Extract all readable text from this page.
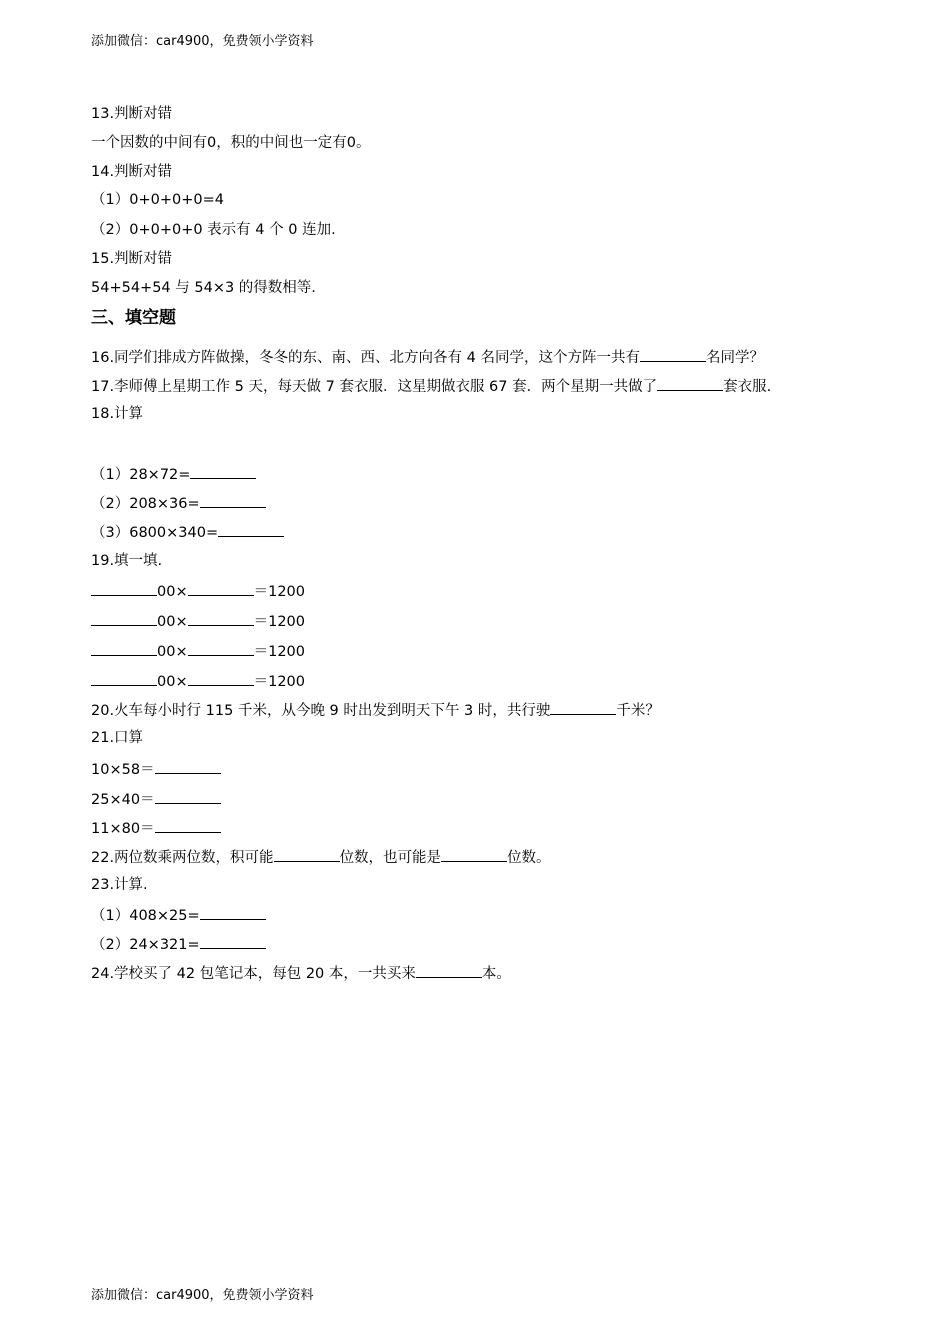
添加微信：car4900，免费领小学资料
13.判断对错
一个因数的中间有0，积的中间也一定有0。
14.判断对错
（1）0+0+0+0=4
（2）0+0+0+0 表示有 4 个 0 连加.
15.判断对错
54+54+54 与 54×3 的得数相等.
三、填空题
16.同学们排成方阵做操，冬冬的东、南、西、北方向各有 4 名同学，这个方阵一共有	名同学？
17.李师傅上星期工作 5 天，每天做 7 套衣服．这星期做衣服 67 套．两个星期一共做了	套衣服.
18.计算
（1）28×72=
（2）208×36=
（3）6800×340=
19.填一填.
00×	＝1200
00×	＝1200
00×	＝1200
00×	＝1200
20.火车每小时行 115 千米，从今晚 9 时出发到明天下午 3 时，共行驶	千米？
21.口算
10×58＝
25×40＝
11×80＝
22.两位数乘两位数，积可能	位数，也可能是	位数。
23.计算.
（1）408×25=
（2）24×321=
24.学校买了 42 包笔记本，每包 20 本，一共买来	本。
添加微信：car4900，免费领小学资料
